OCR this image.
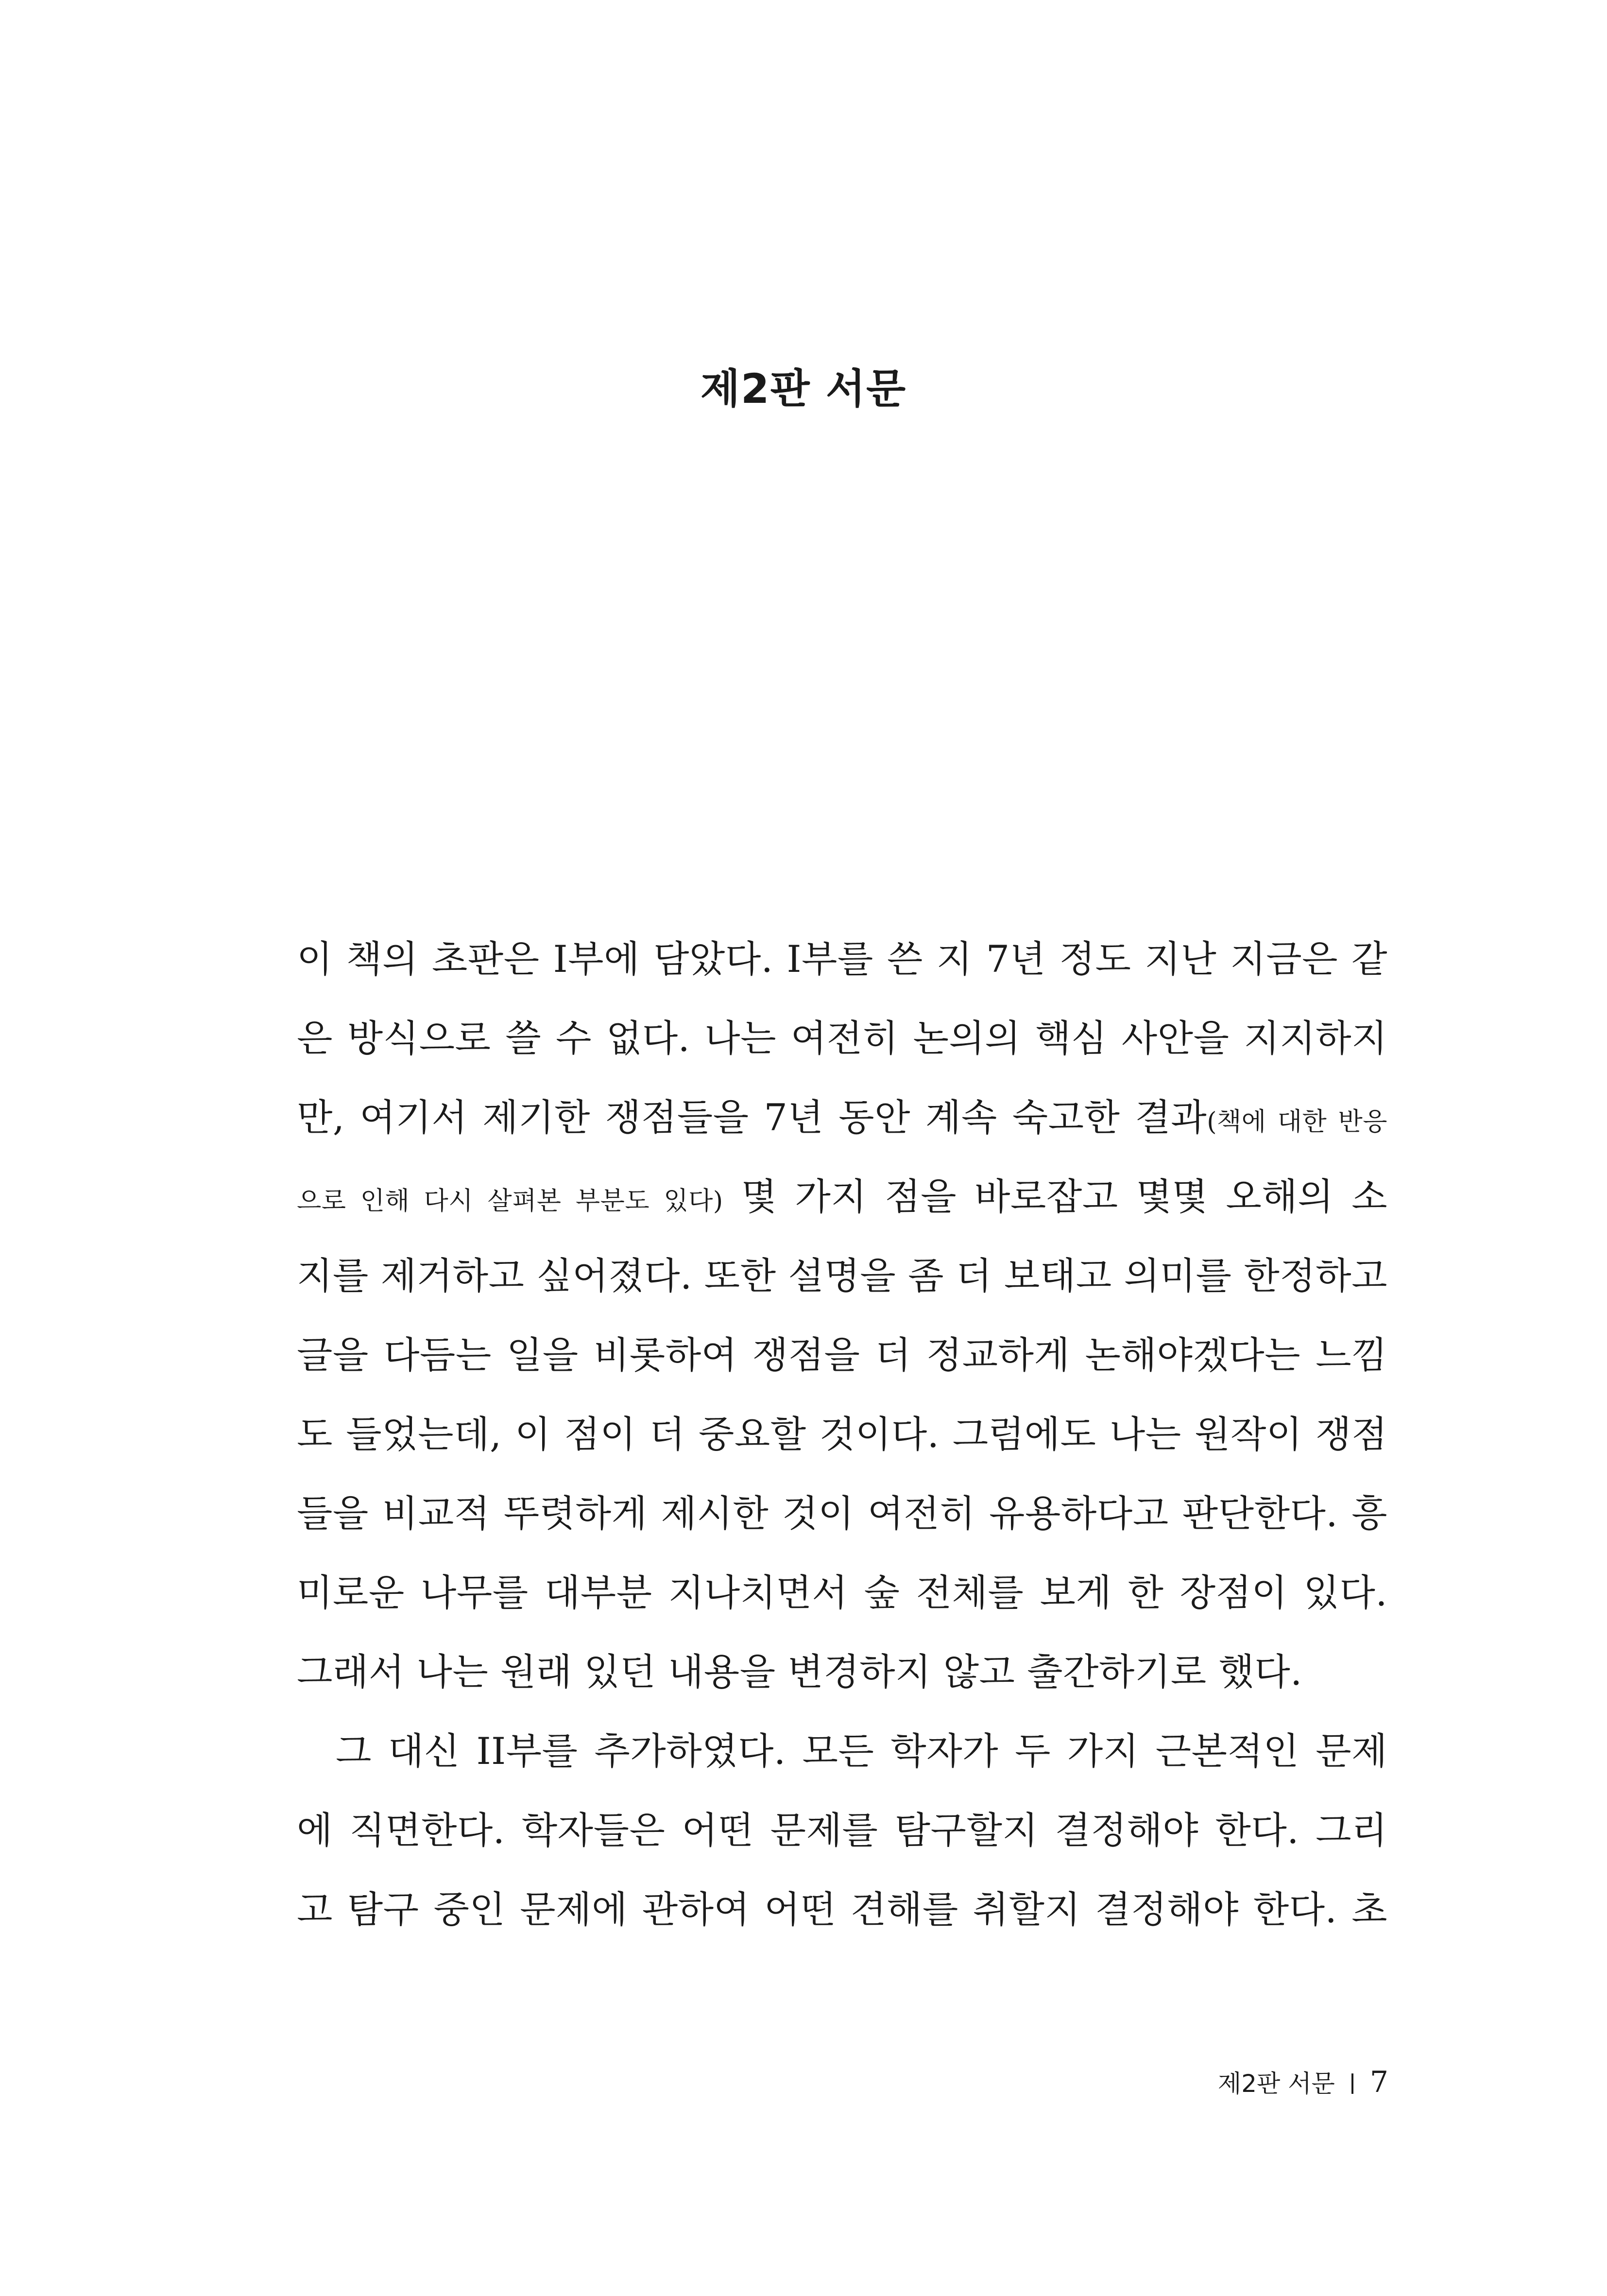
제2판 서문
이 책의 초판은 I부에 담았다. I부를 쓴 지 7년 정도 지난 지금은 같
은 방식으로 쓸 수 없다. 나는 여전히 논의의 핵심 사안을 지지하지
만, 여기서 제기한 쟁점들을 7년 동안 계속 숙고한 결과(책에 대한 반응
으로 인해 다시 살펴본 부분도 있다) 몇 가지 점을 바로잡고 몇몇 오해의 소
지를 제거하고 싶어졌다. 또한 설명을 좀 더 보태고 의미를 한정하고
글을 다듬는 일을 비롯하여 쟁점을 더 정교하게 논해야겠다는 느낌
도 들었는데, 이 점이 더 중요할 것이다. 그럼에도 나는 원작이 쟁점
들을 비교적 뚜렷하게 제시한 것이 여전히 유용하다고 판단한다. 흥
미로운 나무를 대부분 지나치면서 숲 전체를 보게 한 장점이 있다.
그래서 나는 원래 있던 내용을 변경하지 않고 출간하기로 했다.
그 대신 II부를 추가하였다. 모든 학자가 두 가지 근본적인 문제
에 직면한다. 학자들은 어떤 문제를 탐구할지 결정해야 한다. 그리
고 탐구 중인 문제에 관하여 어떤 견해를 취할지 결정해야 한다. 초
제2판 서문 7
